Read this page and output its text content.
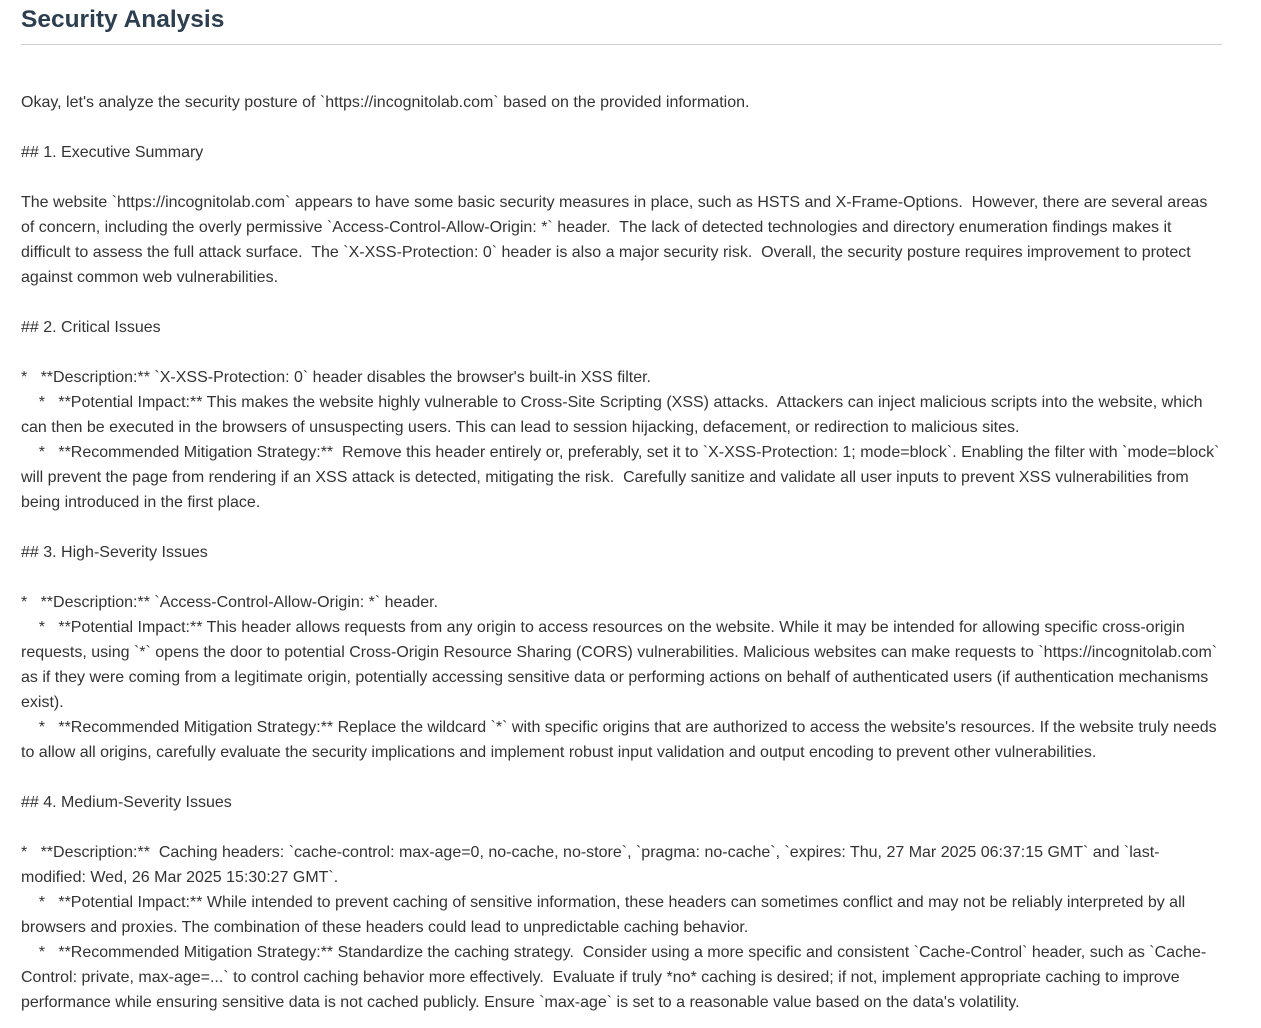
Security Analysis
Okay, let's analyze the security posture of `https://incognitolab.com` based on the provided information.

## 1. Executive Summary

The website `https://incognitolab.com` appears to have some basic security measures in place, such as HSTS and X-Frame-Options.  However, there are several areas of concern, including the overly permissive `Access-Control-Allow-Origin: *` header.  The lack of detected technologies and directory enumeration findings makes it difficult to assess the full attack surface.  The `X-XSS-Protection: 0` header is also a major security risk.  Overall, the security posture requires improvement to protect against common web vulnerabilities.

## 2. Critical Issues

*   **Description:** `X-XSS-Protection: 0` header disables the browser's built-in XSS filter.
*   **Potential Impact:** This makes the website highly vulnerable to Cross-Site Scripting (XSS) attacks.  Attackers can inject malicious scripts into the website, which can then be executed in the browsers of unsuspecting users. This can lead to session hijacking, defacement, or redirection to malicious sites.
*   **Recommended Mitigation Strategy:**  Remove this header entirely or, preferably, set it to `X-XSS-Protection: 1; mode=block`. Enabling the filter with `mode=block` will prevent the page from rendering if an XSS attack is detected, mitigating the risk.  Carefully sanitize and validate all user inputs to prevent XSS vulnerabilities from being introduced in the first place.

## 3. High-Severity Issues

*   **Description:** `Access-Control-Allow-Origin: *` header.
*   **Potential Impact:** This header allows requests from any origin to access resources on the website. While it may be intended for allowing specific cross-origin requests, using `*` opens the door to potential Cross-Origin Resource Sharing (CORS) vulnerabilities. Malicious websites can make requests to `https://incognitolab.com` as if they were coming from a legitimate origin, potentially accessing sensitive data or performing actions on behalf of authenticated users (if authentication mechanisms exist).
*   **Recommended Mitigation Strategy:** Replace the wildcard `*` with specific origins that are authorized to access the website's resources. If the website truly needs to allow all origins, carefully evaluate the security implications and implement robust input validation and output encoding to prevent other vulnerabilities.

## 4. Medium-Severity Issues

*   **Description:**  Caching headers: `cache-control: max-age=0, no-cache, no-store`, `pragma: no-cache`, `expires: Thu, 27 Mar 2025 06:37:15 GMT` and `last-modified: Wed, 26 Mar 2025 15:30:27 GMT`.
*   **Potential Impact:** While intended to prevent caching of sensitive information, these headers can sometimes conflict and may not be reliably interpreted by all browsers and proxies. The combination of these headers could lead to unpredictable caching behavior.
*   **Recommended Mitigation Strategy:** Standardize the caching strategy.  Consider using a more specific and consistent `Cache-Control` header, such as `Cache-Control: private, max-age=...` to control caching behavior more effectively.  Evaluate if truly *no* caching is desired; if not, implement appropriate caching to improve performance while ensuring sensitive data is not cached publicly. Ensure `max-age` is set to a reasonable value based on the data's volatility.
